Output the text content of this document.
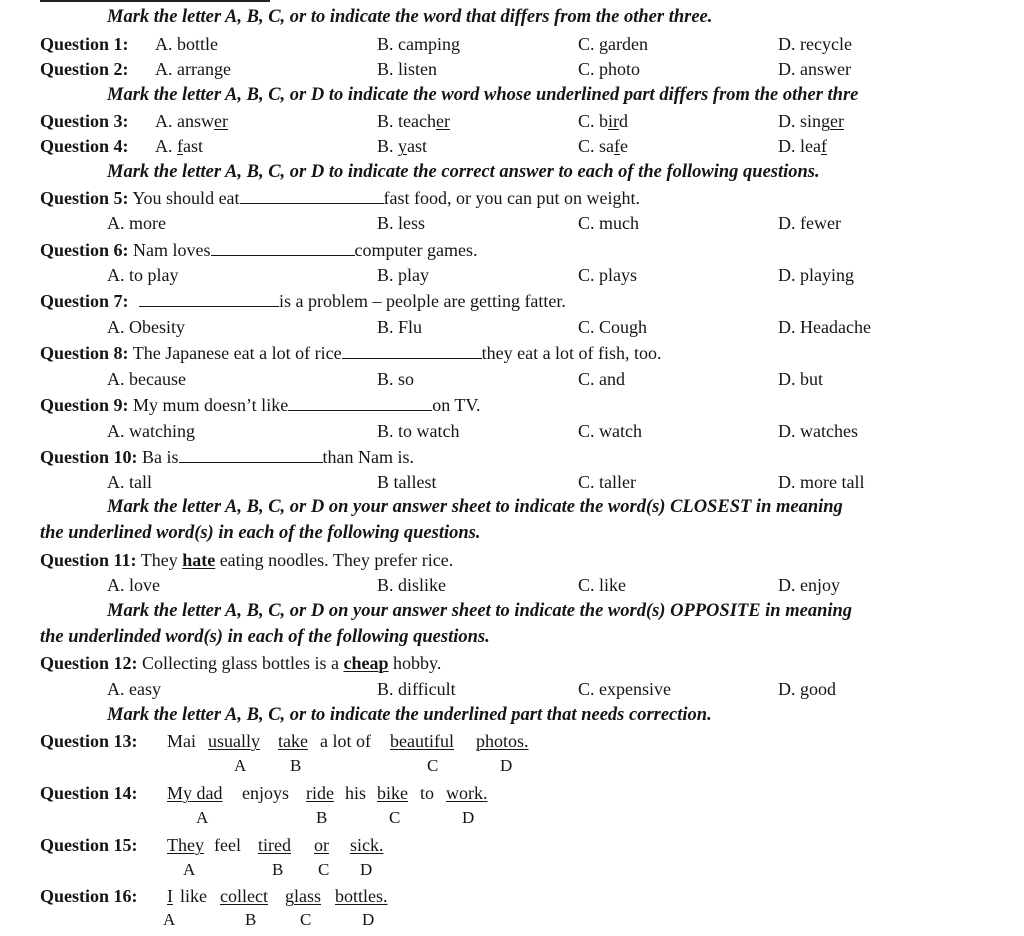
Mark the letter A, B, C, or to indicate the word that differs from the other three.
Question 1: A. bottle	B. camping	C. garden	D. recycle
Question 2: A. arrange	B. listen	C. photo	D. answer
Mark the letter A, B, C, or D to indicate the word whose underlined part differs from the other thre
Question 3: A. answer	B. teacher	C. bird	D. singer
Question 4: A. fast	B. yast	C. safe	D. leaf
Mark the letter A, B, C, or D to indicate the correct answer to each of the following questions.
Question 5: You should eat	fast food, or you can put on weight.
A. more	B. less	C. much	D. fewer
Question 6: Nam loves	computer games.
A. to play	B. play	C. plays	D. playing
Question 7:	is a problem – peolple are getting fatter.
A. Obesity	B. Flu	C. Cough	D. Headache
Question 8: The Japanese eat a lot of rice	they eat a lot of fish, too.
A. because	B. so	C. and	D. but
Question 9: My mum doesn’t like	on TV.
A. watching	B. to watch	C. watch	D. watches
Question 10: Ba is	than Nam is.
A. tall	B tallest	C. taller	D. more tall
Mark the letter A, B, C, or D on your answer sheet to indicate the word(s) CLOSEST in meaning
the underlined word(s) in each of the following questions.
Question 11: They hate eating noodles. They prefer rice.
A. love	B. dislike	C. like	D. enjoy
Mark the letter A, B, C, or D on your answer sheet to indicate the word(s) OPPOSITE in meaning
the underlinded word(s) in each of the following questions.
Question 12: Collecting glass bottles is a cheap hobby.
A. easy	B. difficult	C. expensive	D. good
Mark the letter A, B, C, or to indicate the underlined part that needs correction.
Question 13: Mai usually take a lot of beautiful photos.
A	B	C	D
Question 14: My dad enjoys ride his bike to work.
A	B	C	D
Question 15: They feel tired or sick.
A	B C D
Question 16: I like collect glass bottles.
A	B	C	D
